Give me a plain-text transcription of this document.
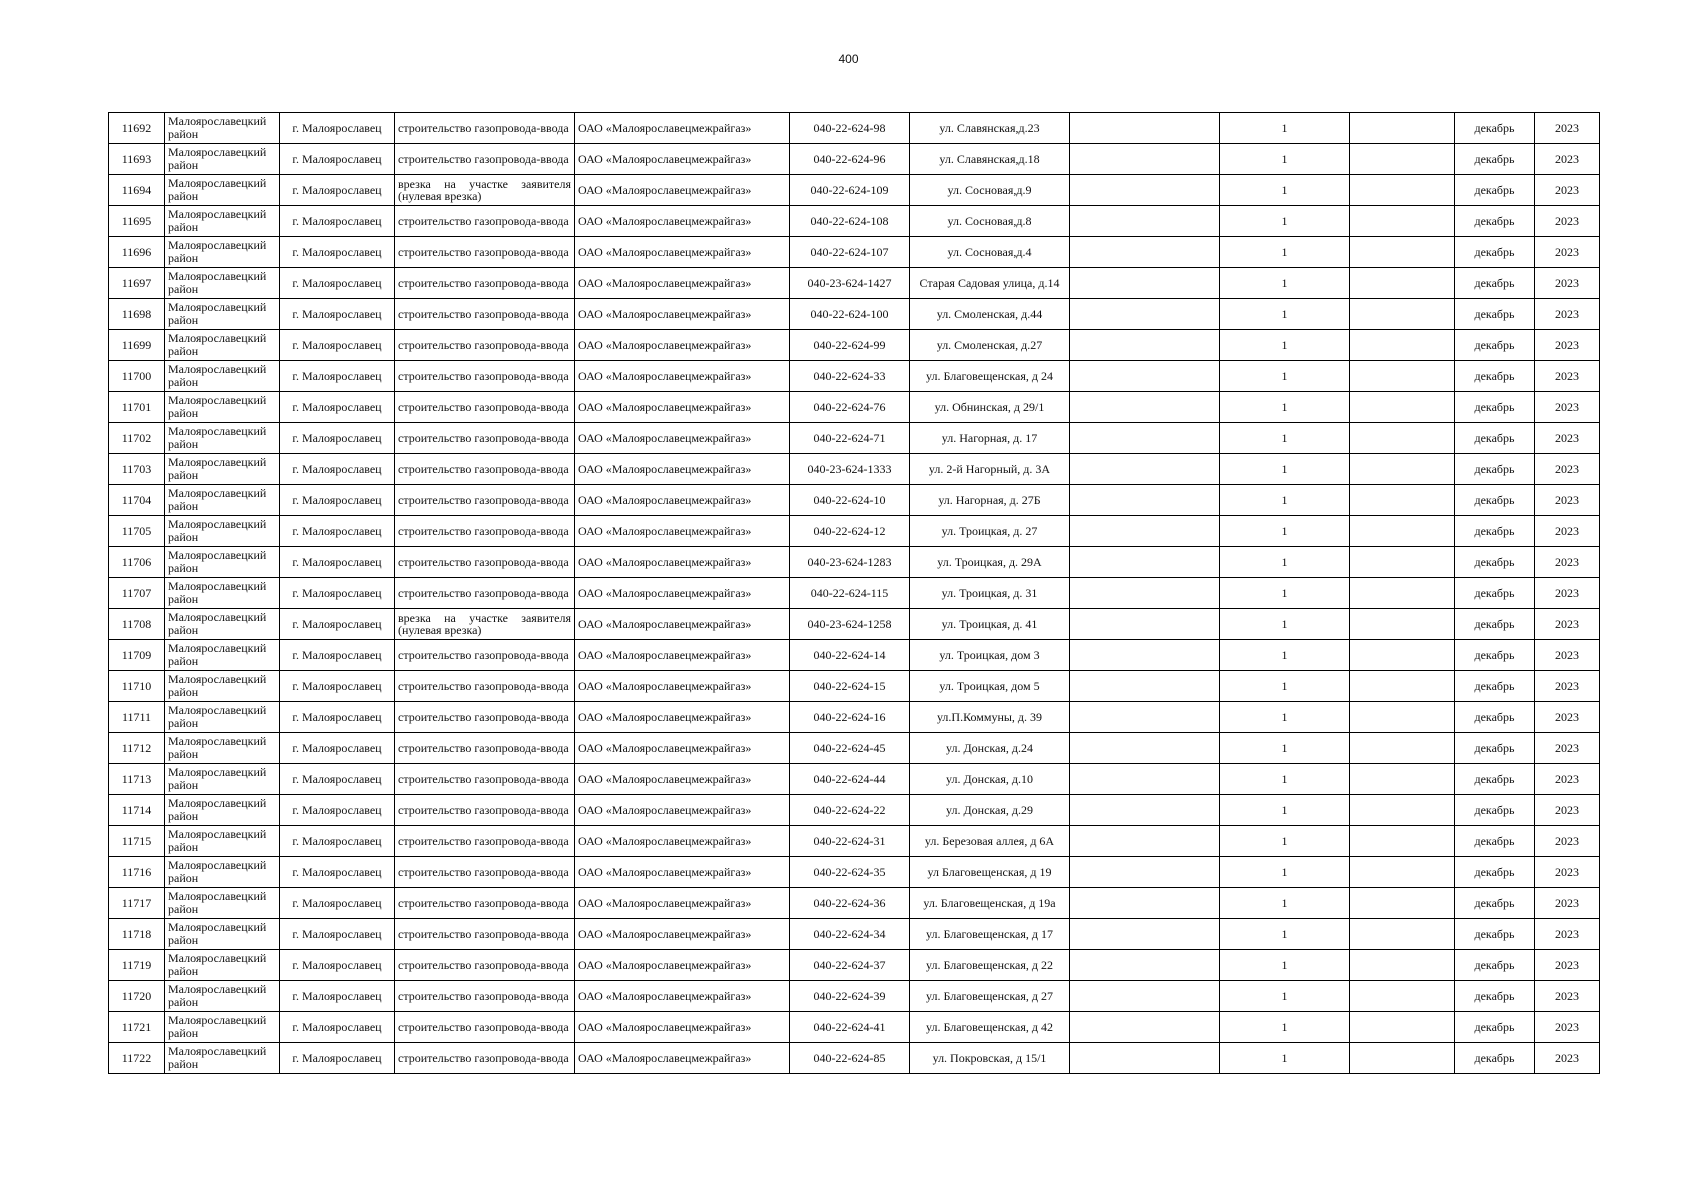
400
11692	Малоярославецкий район	г. Малоярославец	строительство газопровода-ввода	ОАО «Малоярославецмежрайгаз»	040-22-624-98	ул. Славянская,д.23		1		декабрь	2023
11693	Малоярославецкий район	г. Малоярославец	строительство газопровода-ввода	ОАО «Малоярославецмежрайгаз»	040-22-624-96	ул. Славянская,д.18		1		декабрь	2023
11694	Малоярославецкий район	г. Малоярославец	врезка на участке заявителя (нулевая врезка)	ОАО «Малоярославецмежрайгаз»	040-22-624-109	ул. Сосновая,д.9		1		декабрь	2023
11695	Малоярославецкий район	г. Малоярославец	строительство газопровода-ввода	ОАО «Малоярославецмежрайгаз»	040-22-624-108	ул. Сосновая,д.8		1		декабрь	2023
11696	Малоярославецкий район	г. Малоярославец	строительство газопровода-ввода	ОАО «Малоярославецмежрайгаз»	040-22-624-107	ул. Сосновая,д.4		1		декабрь	2023
11697	Малоярославецкий район	г. Малоярославец	строительство газопровода-ввода	ОАО «Малоярославецмежрайгаз»	040-23-624-1427	Старая Садовая улица, д.14		1		декабрь	2023
11698	Малоярославецкий район	г. Малоярославец	строительство газопровода-ввода	ОАО «Малоярославецмежрайгаз»	040-22-624-100	ул. Смоленская, д.44		1		декабрь	2023
11699	Малоярославецкий район	г. Малоярославец	строительство газопровода-ввода	ОАО «Малоярославецмежрайгаз»	040-22-624-99	ул. Смоленская, д.27		1		декабрь	2023
11700	Малоярославецкий район	г. Малоярославец	строительство газопровода-ввода	ОАО «Малоярославецмежрайгаз»	040-22-624-33	ул. Благовещенская, д 24		1		декабрь	2023
11701	Малоярославецкий район	г. Малоярославец	строительство газопровода-ввода	ОАО «Малоярославецмежрайгаз»	040-22-624-76	ул. Обнинская, д 29/1		1		декабрь	2023
11702	Малоярославецкий район	г. Малоярославец	строительство газопровода-ввода	ОАО «Малоярославецмежрайгаз»	040-22-624-71	ул. Нагорная, д. 17		1		декабрь	2023
11703	Малоярославецкий район	г. Малоярославец	строительство газопровода-ввода	ОАО «Малоярославецмежрайгаз»	040-23-624-1333	ул. 2-й Нагорный, д. 3А		1		декабрь	2023
11704	Малоярославецкий район	г. Малоярославец	строительство газопровода-ввода	ОАО «Малоярославецмежрайгаз»	040-22-624-10	ул. Нагорная, д. 27Б		1		декабрь	2023
11705	Малоярославецкий район	г. Малоярославец	строительство газопровода-ввода	ОАО «Малоярославецмежрайгаз»	040-22-624-12	ул. Троицкая, д. 27		1		декабрь	2023
11706	Малоярославецкий район	г. Малоярославец	строительство газопровода-ввода	ОАО «Малоярославецмежрайгаз»	040-23-624-1283	ул. Троицкая, д. 29А		1		декабрь	2023
11707	Малоярославецкий район	г. Малоярославец	строительство газопровода-ввода	ОАО «Малоярославецмежрайгаз»	040-22-624-115	ул. Троицкая, д. 31		1		декабрь	2023
11708	Малоярославецкий район	г. Малоярославец	врезка на участке заявителя (нулевая врезка)	ОАО «Малоярославецмежрайгаз»	040-23-624-1258	ул. Троицкая, д. 41		1		декабрь	2023
11709	Малоярославецкий район	г. Малоярославец	строительство газопровода-ввода	ОАО «Малоярославецмежрайгаз»	040-22-624-14	ул. Троицкая, дом 3		1		декабрь	2023
11710	Малоярославецкий район	г. Малоярославец	строительство газопровода-ввода	ОАО «Малоярославецмежрайгаз»	040-22-624-15	ул. Троицкая, дом 5		1		декабрь	2023
11711	Малоярославецкий район	г. Малоярославец	строительство газопровода-ввода	ОАО «Малоярославецмежрайгаз»	040-22-624-16	ул.П.Коммуны, д. 39		1		декабрь	2023
11712	Малоярославецкий район	г. Малоярославец	строительство газопровода-ввода	ОАО «Малоярославецмежрайгаз»	040-22-624-45	ул. Донская, д.24		1		декабрь	2023
11713	Малоярославецкий район	г. Малоярославец	строительство газопровода-ввода	ОАО «Малоярославецмежрайгаз»	040-22-624-44	ул. Донская, д.10		1		декабрь	2023
11714	Малоярославецкий район	г. Малоярославец	строительство газопровода-ввода	ОАО «Малоярославецмежрайгаз»	040-22-624-22	ул. Донская, д.29		1		декабрь	2023
11715	Малоярославецкий район	г. Малоярославец	строительство газопровода-ввода	ОАО «Малоярославецмежрайгаз»	040-22-624-31	ул. Березовая аллея, д 6А		1		декабрь	2023
11716	Малоярославецкий район	г. Малоярославец	строительство газопровода-ввода	ОАО «Малоярославецмежрайгаз»	040-22-624-35	ул Благовещенская, д 19		1		декабрь	2023
11717	Малоярославецкий район	г. Малоярославец	строительство газопровода-ввода	ОАО «Малоярославецмежрайгаз»	040-22-624-36	ул. Благовещенская, д 19а		1		декабрь	2023
11718	Малоярославецкий район	г. Малоярославец	строительство газопровода-ввода	ОАО «Малоярославецмежрайгаз»	040-22-624-34	ул. Благовещенская, д 17		1		декабрь	2023
11719	Малоярославецкий район	г. Малоярославец	строительство газопровода-ввода	ОАО «Малоярославецмежрайгаз»	040-22-624-37	ул. Благовещенская, д 22		1		декабрь	2023
11720	Малоярославецкий район	г. Малоярославец	строительство газопровода-ввода	ОАО «Малоярославецмежрайгаз»	040-22-624-39	ул. Благовещенская, д 27		1		декабрь	2023
11721	Малоярославецкий район	г. Малоярославец	строительство газопровода-ввода	ОАО «Малоярославецмежрайгаз»	040-22-624-41	ул. Благовещенская, д 42		1		декабрь	2023
11722	Малоярославецкий район	г. Малоярославец	строительство газопровода-ввода	ОАО «Малоярославецмежрайгаз»	040-22-624-85	ул. Покровская, д 15/1		1		декабрь	2023
